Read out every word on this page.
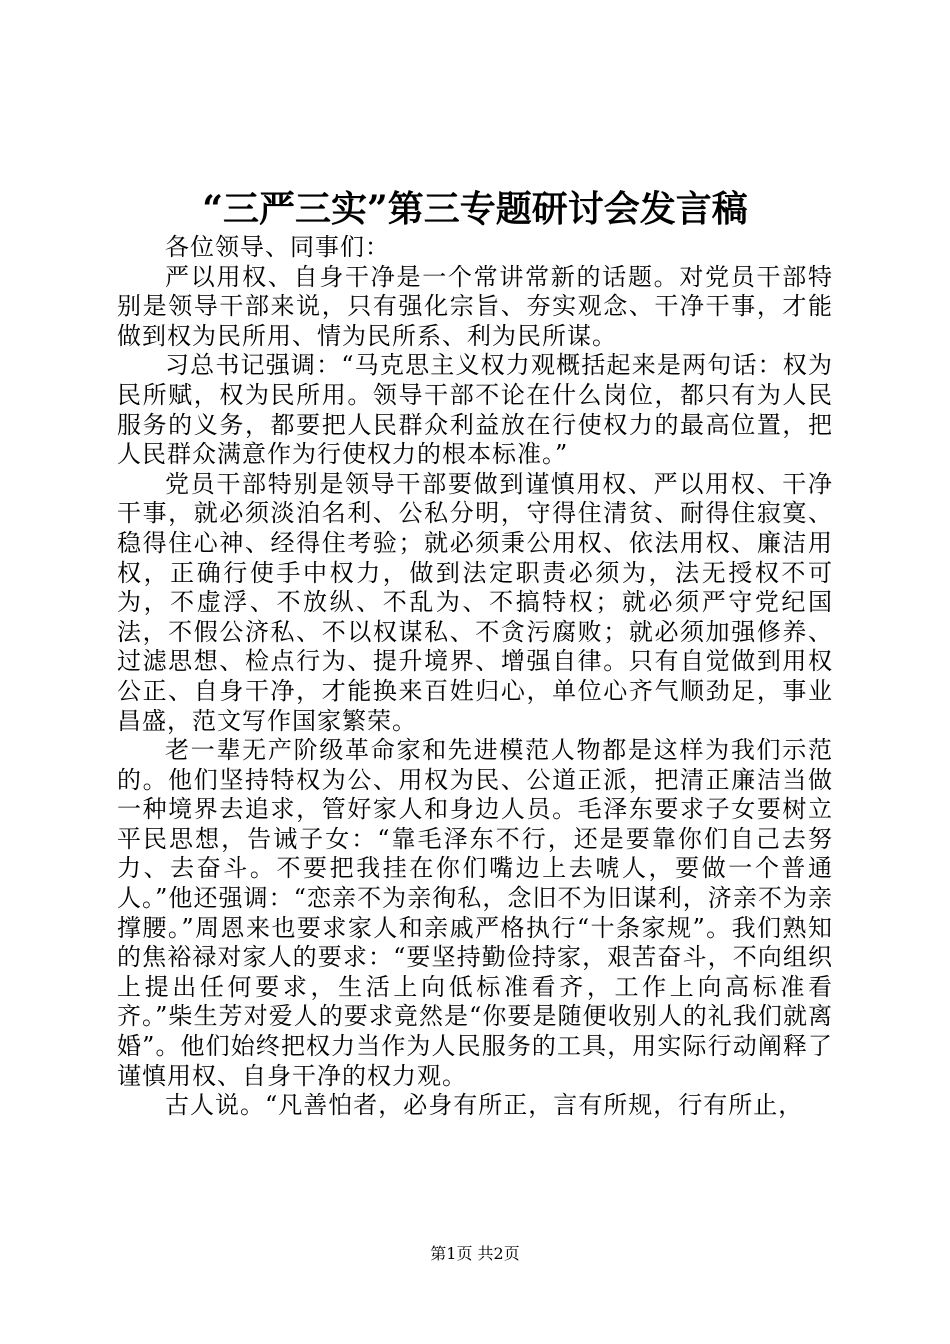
“三严三实”第三专题研讨会发言稿

各位领导、同事们：

严以用权、自身干净是一个常讲常新的话题。对党员干部特别是领导干部来说，只有强化宗旨、夯实观念、干净干事，才能做到权为民所用、情为民所系、利为民所谋。

习总书记强调：“马克思主义权力观概括起来是两句话：权为民所赋，权为民所用。领导干部不论在什么岗位，都只有为人民服务的义务，都要把人民群众利益放在行使权力的最高位置，把人民群众满意作为行使权力的根本标准。”

党员干部特别是领导干部要做到谨慎用权、严以用权、干净干事，就必须淡泊名利、公私分明，守得住清贫、耐得住寂寞、稳得住心神、经得住考验；就必须秉公用权、依法用权、廉洁用权，正确行使手中权力，做到法定职责必须为，法无授权不可为，不虚浮、不放纵、不乱为、不搞特权；就必须严守党纪国法，不假公济私、不以权谋私、不贪污腐败；就必须加强修养、过滤思想、检点行为、提升境界、增强自律。只有自觉做到用权公正、自身干净，才能换来百姓归心，单位心齐气顺劲足，事业昌盛，范文写作国家繁荣。

老一辈无产阶级革命家和先进模范人物都是这样为我们示范的。他们坚持特权为公、用权为民、公道正派，把清正廉洁当做一种境界去追求，管好家人和身边人员。毛泽东要求子女要树立平民思想，告诫子女：“靠毛泽东不行，还是要靠你们自己去努力、去奋斗。不要把我挂在你们嘴边上去唬人，要做一个普通人。”他还强调：“恋亲不为亲徇私，念旧不为旧谋利，济亲不为亲撑腰。”周恩来也要求家人和亲戚严格执行“十条家规”。我们熟知的焦裕禄对家人的要求：“要坚持勤俭持家，艰苦奋斗，不向组织上提出任何要求，生活上向低标准看齐，工作上向高标准看齐。”柴生芳对爱人的要求竟然是“你要是随便收别人的礼我们就离婚”。他们始终把权力当作为人民服务的工具，用实际行动阐释了谨慎用权、自身干净的权力观。

古人说。“凡善怕者，必身有所正，言有所规，行有所止，

第1页 共2页
